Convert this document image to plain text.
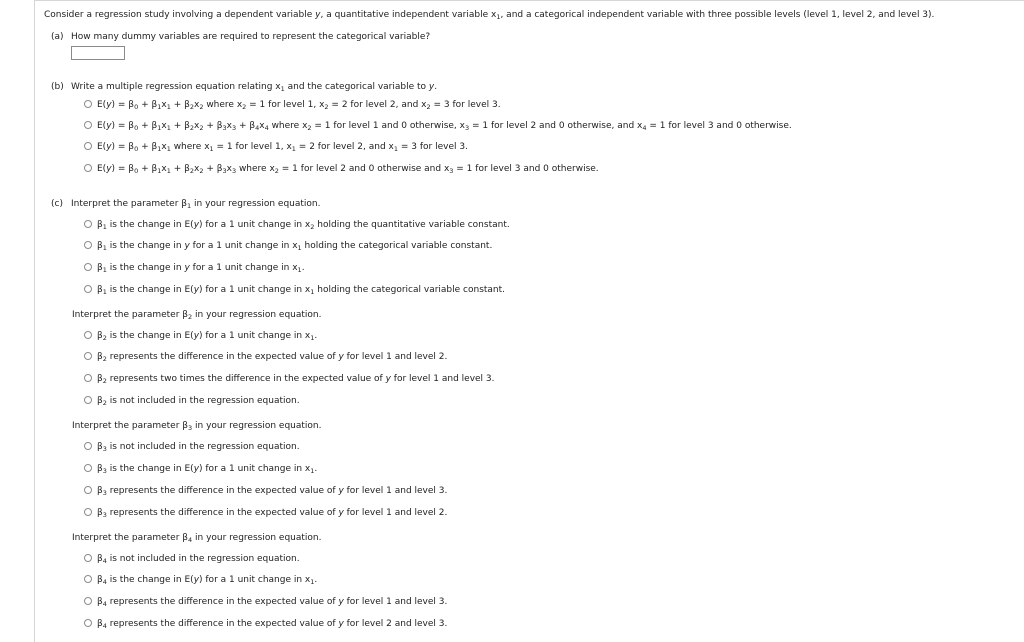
Consider a regression study involving a dependent variable y, a quantitative independent variable $x_1$, and a categorical independent variable with three possible levels (level 1, level 2, and level 3).
(a) How many dummy variables are required to represent the categorical variable?
(b) Write a multiple regression equation relating $x_1$ and the categorical variable to y.
$E(y) = \beta_0 + \beta_1x_1 + \beta_2x_2$ where $x_2 = 1$ for level 1, $x_2 = 2$ for level 2, and $x_2 = 3$ for level 3.
$E(y) = \beta_0 + \beta_1x_1 + \beta_2x_2 + \beta_3x_3 + \beta_4x_4$ where $x_2 = 1$ for level 1 and 0 otherwise, $x_3 = 1$ for level 2 and 0 otherwise, and $x_4 = 1$ for level 3 and 0 otherwise.
$E(y) = \beta_0 + \beta_1x_1$ where $x_1 = 1$ for level 1, $x_1 = 2$ for level 2, and $x_1 = 3$ for level 3.
$E(y) = \beta_0 + \beta_1x_1 + \beta_2x_2 + \beta_3x_3$ where $x_2 = 1$ for level 2 and 0 otherwise and $x_3 = 1$ for level 3 and 0 otherwise.
(c) Interpret the parameter $\beta_1$ in your regression equation.
$\beta_1$ is the change in E(y) for a 1 unit change in $x_2$ holding the quantitative variable constant.
$\beta_1$ is the change in y for a 1 unit change in $x_1$ holding the categorical variable constant.
$\beta_1$ is the change in y for a 1 unit change in $x_1$.
$\beta_1$ is the change in E(y) for a 1 unit change in $x_1$ holding the categorical variable constant.
Interpret the parameter $\beta_2$ in your regression equation.
$\beta_2$ is the change in E(y) for a 1 unit change in $x_1$.
$\beta_2$ represents the difference in the expected value of y for level 1 and level 2.
$\beta_2$ represents two times the difference in the expected value of y for level 1 and level 3.
$\beta_2$ is not included in the regression equation.
Interpret the parameter $\beta_3$ in your regression equation.
$\beta_3$ is not included in the regression equation.
$\beta_3$ is the change in E(y) for a 1 unit change in $x_1$.
$\beta_3$ represents the difference in the expected value of y for level 1 and level 3.
$\beta_3$ represents the difference in the expected value of y for level 1 and level 2.
Interpret the parameter $\beta_4$ in your regression equation.
$\beta_4$ is not included in the regression equation.
$\beta_4$ is the change in E(y) for a 1 unit change in $x_1$.
$\beta_4$ represents the difference in the expected value of y for level 1 and level 3.
$\beta_4$ represents the difference in the expected value of y for level 2 and level 3.
